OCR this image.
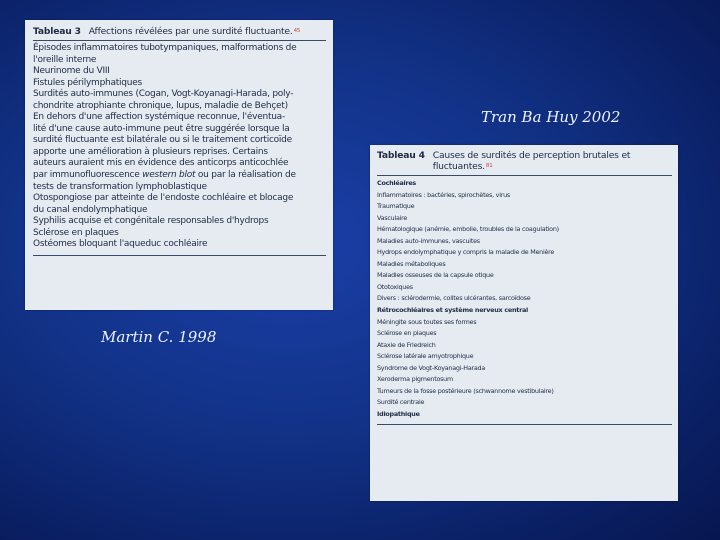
Tableau 3 Affections révélées par une surdité fluctuante.$^{45}$
Épisodes inflammatoires tubotympaniques, malformations de
l'oreille interne
Neurinome du VIII
Fistules périlymphatiques
Surdités auto-immunes (Cogan, Vogt-Koyanagi-Harada, poly-
chondrite atrophiante chronique, lupus, maladie de Behçet)
En dehors d'une affection systémique reconnue, l'éventua-
lité d'une cause auto-immune peut être suggérée lorsque la
surdité fluctuante est bilatérale ou si le traitement corticoïde
apporte une amélioration à plusieurs reprises. Certains
auteurs auraient mis en évidence des anticorps anticochlée
par immunofluorescence western blot ou par la réalisation de
tests de transformation lymphoblastique
Otospongiose par atteinte de l'endoste cochléaire et blocage
du canal endolymphatique
Syphilis acquise et congénitale responsables d'hydrops
Sclérose en plaques
Ostéomes bloquant l'aqueduc cochléaire
Tableau 4 Causes de surdités de perception brutales et
fluctuantes.$^{81}$
Cochléaires
Inflammatoires : bactéries, spirochètes, virus
Traumatique
Vasculaire
Hématologique (anémie, embolie, troubles de la coagulation)
Maladies auto-immunes, vascuites
Hydrops endolymphatique y compris la maladie de Menière
Maladies métaboliques
Maladies osseuses de la capsule otique
Ototoxiques
Divers : sclérodermie, colites ulcérantes, sarcoïdose
Rétrocochléaires et système nerveux central
Méningite sous toutes ses formes
Sclérose en plaques
Ataxie de Friedreich
Sclérose latérale amyotrophique
Syndrome de Vogt-Koyanagi-Harada
Xeroderma pigmentosum
Tumeurs de la fosse postérieure (schwannome vestibulaire)
Surdité centrale
Idiopathique
Tran Ba Huy 2002
Martin C. 1998
